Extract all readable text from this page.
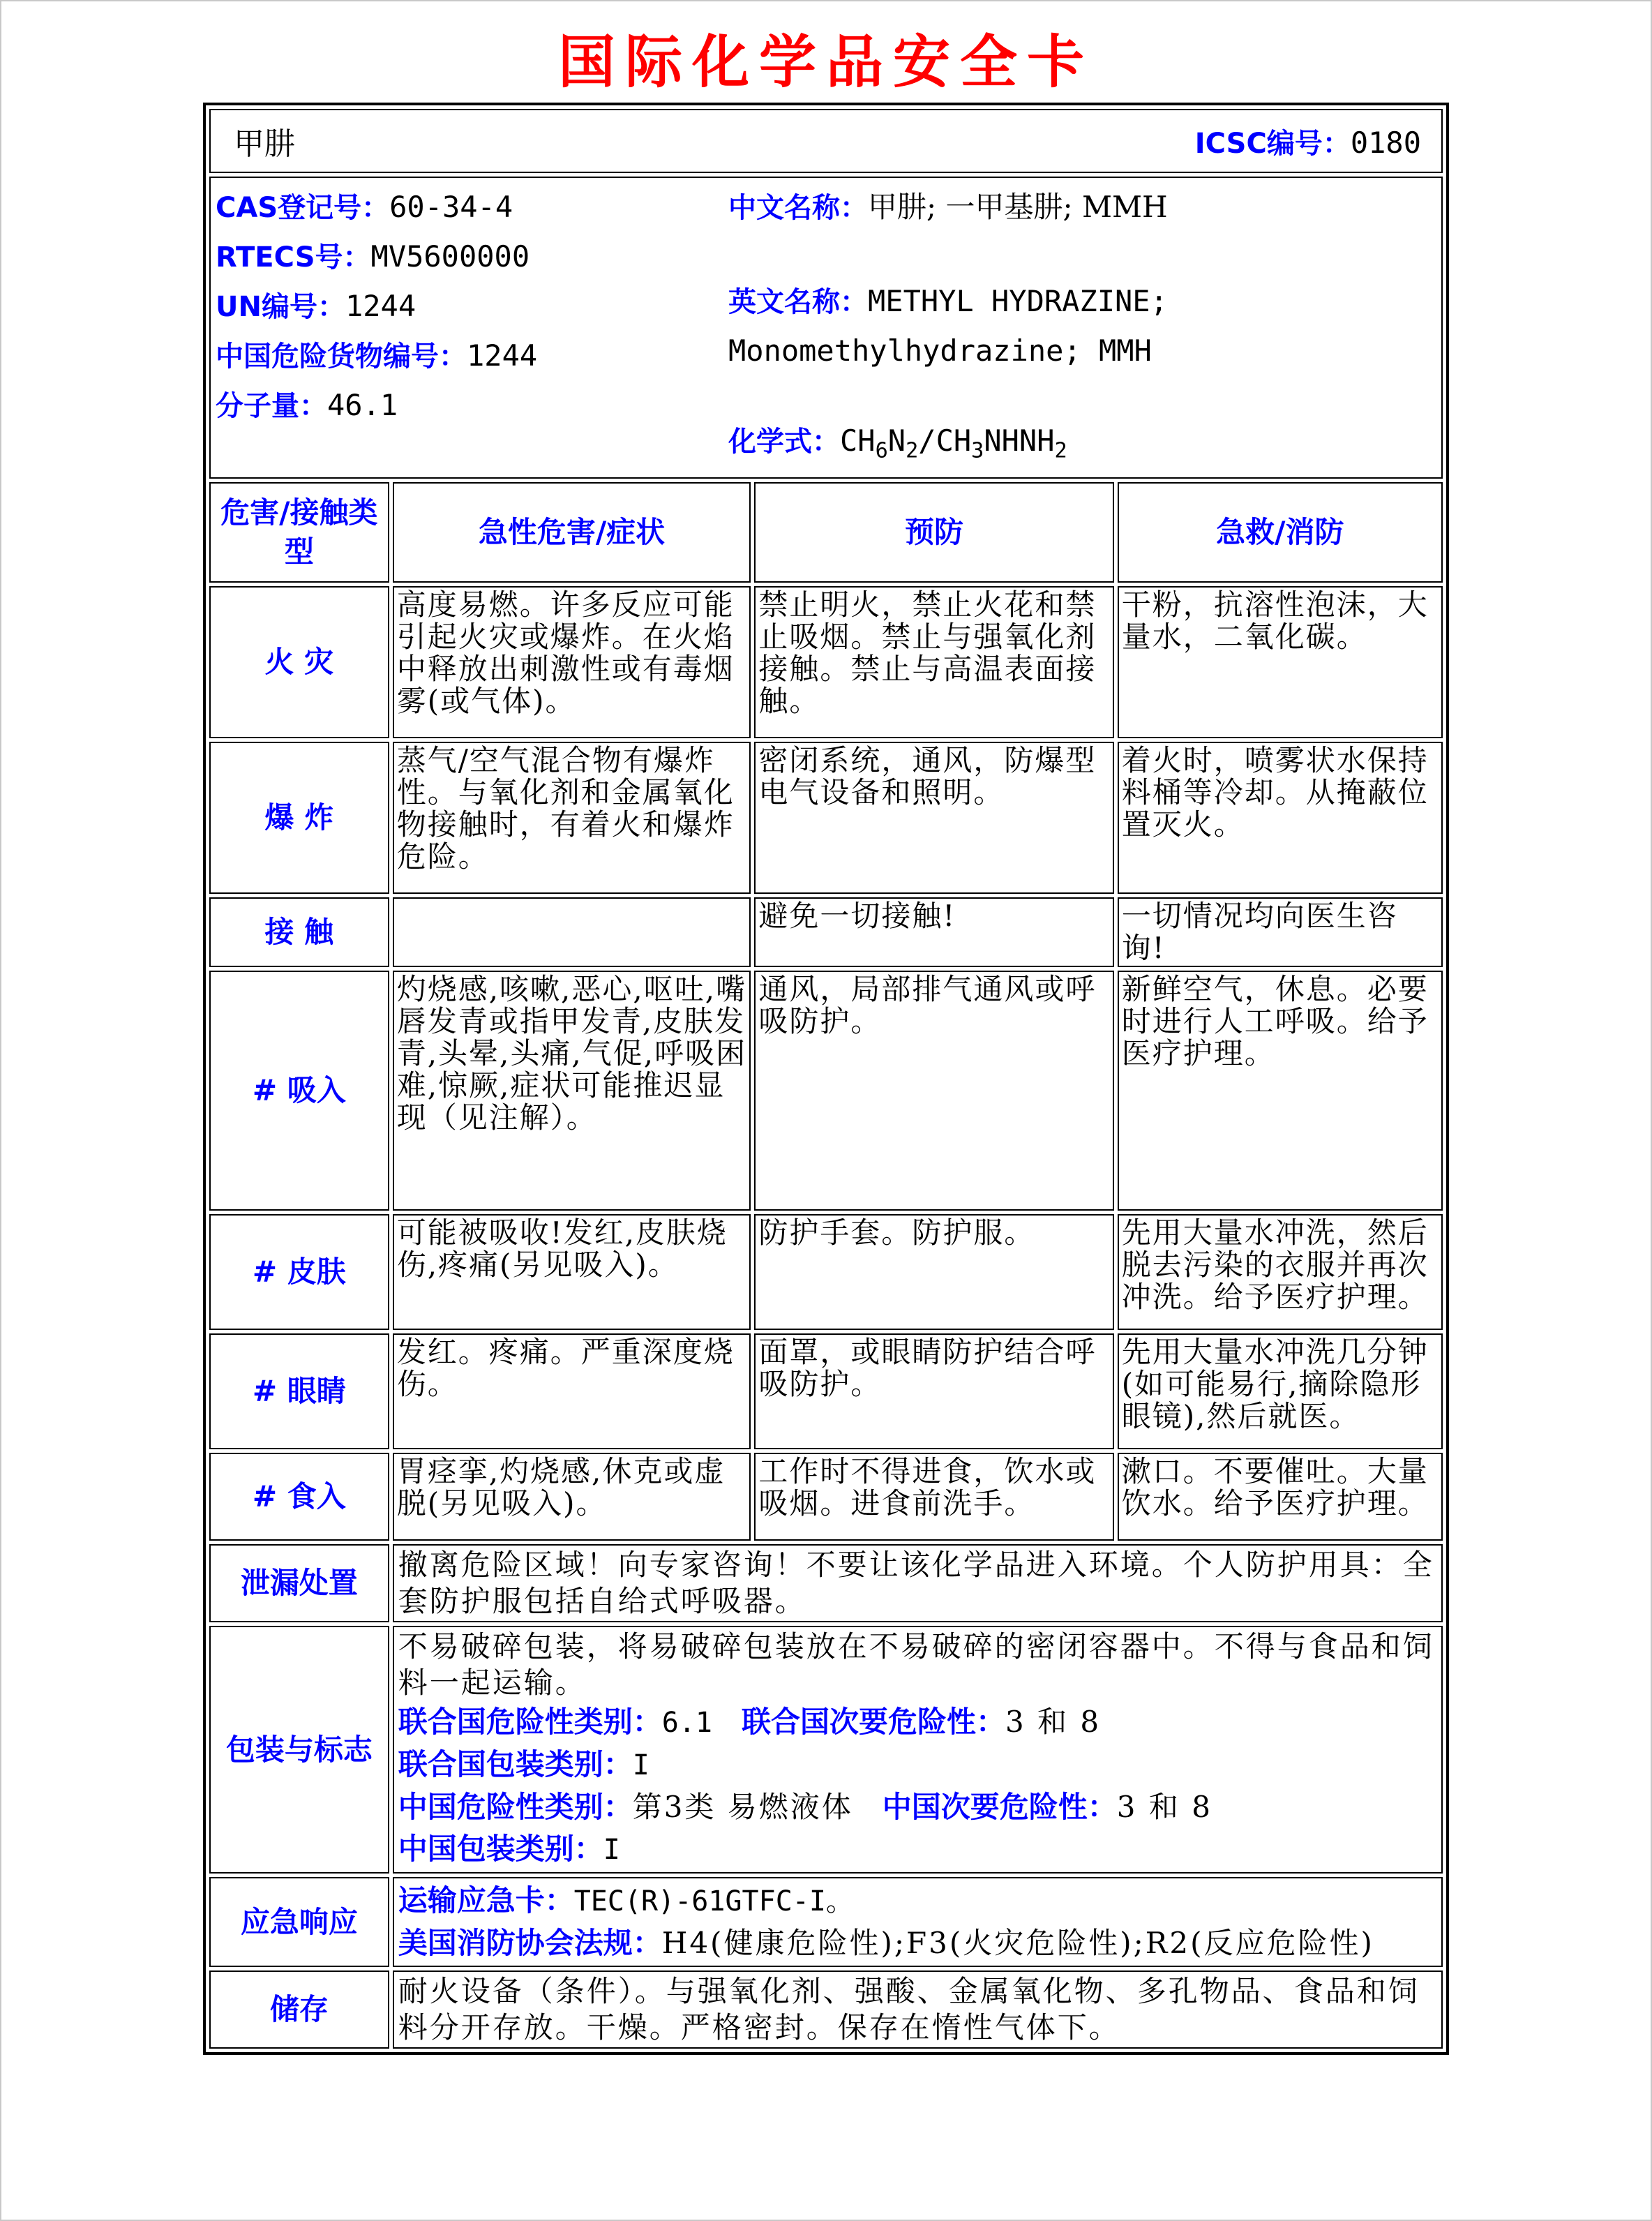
国际化学品安全卡
甲肼 ICSC编号：0180			

CAS登记号：60-34-4
RTECS号：MV5600000
UN编号：1244
中国危险货物编号：1244
分子量：46.1

中文名称：甲肼; 一甲基肼; MMH

英文名称：METHYL HYDRAZINE;
Monomethylhydrazine; MMH

化学式：$CH_6N_2/CH_3NHNH_2$

危害/接触类型	急性危害/症状	预防	急救/消防
火 灾	高度易燃。许多反应可能引起火灾或爆炸。在火焰中释放出刺激性或有毒烟雾(或气体)。	禁止明火，禁止火花和禁止吸烟。禁止与强氧化剂接触。禁止与高温表面接触。	干粉，抗溶性泡沫，大量水，二氧化碳。
爆 炸	蒸气/空气混合物有爆炸性。与氧化剂和金属氧化物接触时，有着火和爆炸危险。	密闭系统，通风，防爆型电气设备和照明。	着火时，喷雾状水保持料桶等冷却。从掩蔽位置灭火。
接 触		避免一切接触!	一切情况均向医生咨询!
# 吸入	灼烧感,咳嗽,恶心,呕吐,嘴唇发青或指甲发青,皮肤发青,头晕,头痛,气促,呼吸困难,惊厥,症状可能推迟显现（见注解）。	通风，局部排气通风或呼吸防护。	新鲜空气，休息。必要时进行人工呼吸。给予医疗护理。
# 皮肤	可能被吸收!发红,皮肤烧伤,疼痛(另见吸入)。	防护手套。防护服。	先用大量水冲洗，然后脱去污染的衣服并再次冲洗。给予医疗护理。
# 眼睛	发红。疼痛。严重深度烧伤。	面罩，或眼睛防护结合呼吸防护。	先用大量水冲洗几分钟(如可能易行,摘除隐形眼镜),然后就医。
# 食入	胃痉挛,灼烧感,休克或虚脱(另见吸入)。	工作时不得进食，饮水或吸烟。进食前洗手。	漱口。不要催吐。大量饮水。给予医疗护理。
泄漏处置	撤离危险区域！向专家咨询！不要让该化学品进入环境。个人防护用具：全套防护服包括自给式呼吸器。		
包装与标志	不易破碎包装，将易破碎包装放在不易破碎的密闭容器中。不得与食品和饲料一起运输。
联合国危险性类别：6.1 联合国次要危险性：3 和 8
联合国包装类别：I
中国危险性类别：第3类 易燃液体 中国次要危险性：3 和 8
中国包装类别：I		

应急响应	运输应急卡：TEC(R)-61GTFC-I。
美国消防协会法规：H4(健康危险性);F3(火灾危险性);R2(反应危险性)		

储存	耐火设备（条件）。与强氧化剂、强酸、金属氧化物、多孔物品、食品和饲料分开存放。干燥。严格密封。保存在惰性气体下。		
